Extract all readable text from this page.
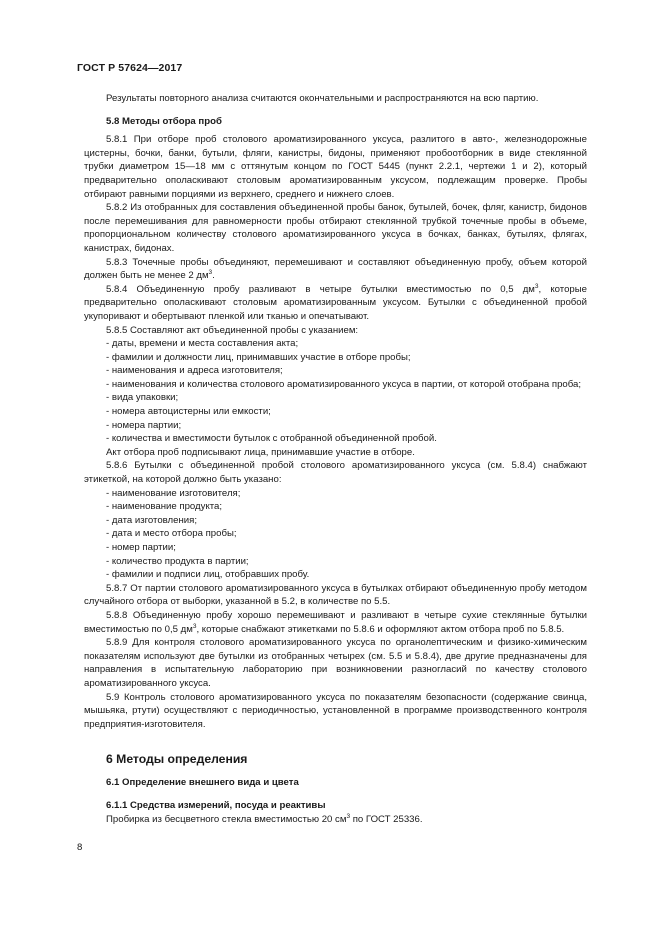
ГОСТ Р 57624—2017

Результаты повторного анализа считаются окончательными и распространяются на всю партию.

5.8 Методы отбора проб

5.8.1 При отборе проб столового ароматизированного уксуса, разлитого в авто-, железнодорожные цистерны, бочки, банки, бутыли, фляги, канистры, бидоны, применяют пробоотборник в виде стеклянной трубки диаметром 15—18 мм с оттянутым концом по ГОСТ 5445 (пункт 2.2.1, чертежи 1 и 2), который предварительно ополаскивают столовым ароматизированным уксусом, подлежащим проверке. Пробы отбирают равными порциями из верхнего, среднего и нижнего слоев.

5.8.2 Из отобранных для составления объединенной пробы банок, бутылей, бочек, фляг, канистр, бидонов после перемешивания для равномерности пробы отбирают стеклянной трубкой точечные пробы в объеме, пропорциональном количеству столового ароматизированного уксуса в бочках, банках, бутылях, флягах, канистрах, бидонах.

5.8.3 Точечные пробы объединяют, перемешивают и составляют объединенную пробу, объем которой должен быть не менее 2 $дм^3$.

5.8.4 Объединенную пробу разливают в четыре бутылки вместимостью по 0,5 $дм^3$, которые предварительно ополаскивают столовым ароматизированным уксусом. Бутылки с объединенной пробой укупоривают и обертывают пленкой или тканью и опечатывают.

5.8.5 Составляют акт объединенной пробы с указанием:

- даты, времени и места составления акта;

- фамилии и должности лиц, принимавших участие в отборе пробы;

- наименования и адреса изготовителя;

- наименования и количества столового ароматизированного уксуса в партии, от которой отобрана проба;

- вида упаковки;

- номера автоцистерны или емкости;

- номера партии;

- количества и вместимости бутылок с отобранной объединенной пробой.

Акт отбора проб подписывают лица, принимавшие участие в отборе.

5.8.6 Бутылки с объединенной пробой столового ароматизированного уксуса (см. 5.8.4) снабжают этикеткой, на которой должно быть указано:

- наименование изготовителя;

- наименование продукта;

- дата изготовления;

- дата и место отбора пробы;

- номер партии;

- количество продукта в партии;

- фамилии и подписи лиц, отобравших пробу.

5.8.7 От партии столового ароматизированного уксуса в бутылках отбирают объединенную пробу методом случайного отбора от выборки, указанной в 5.2, в количестве по 5.5.

5.8.8 Объединенную пробу хорошо перемешивают и разливают в четыре сухие стеклянные бутылки вместимостью по 0,5 $дм^3$, которые снабжают этикетками по 5.8.6 и оформляют актом отбора проб по 5.8.5.

5.8.9 Для контроля столового ароматизированного уксуса по органолептическим и физико-химическим показателям используют две бутылки из отобранных четырех (см. 5.5 и 5.8.4), две другие предназначены для направления в испытательную лабораторию при возникновении разногласий по качеству столового ароматизированного уксуса.

5.9 Контроль столового ароматизированного уксуса по показателям безопасности (содержание свинца, мышьяка, ртути) осуществляют с периодичностью, установленной в программе производственного контроля предприятия-изготовителя.

6 Методы определения

6.1 Определение внешнего вида и цвета

6.1.1 Средства измерений, посуда и реактивы

Пробирка из бесцветного стекла вместимостью 20 $см^3$ по ГОСТ 25336.

8
